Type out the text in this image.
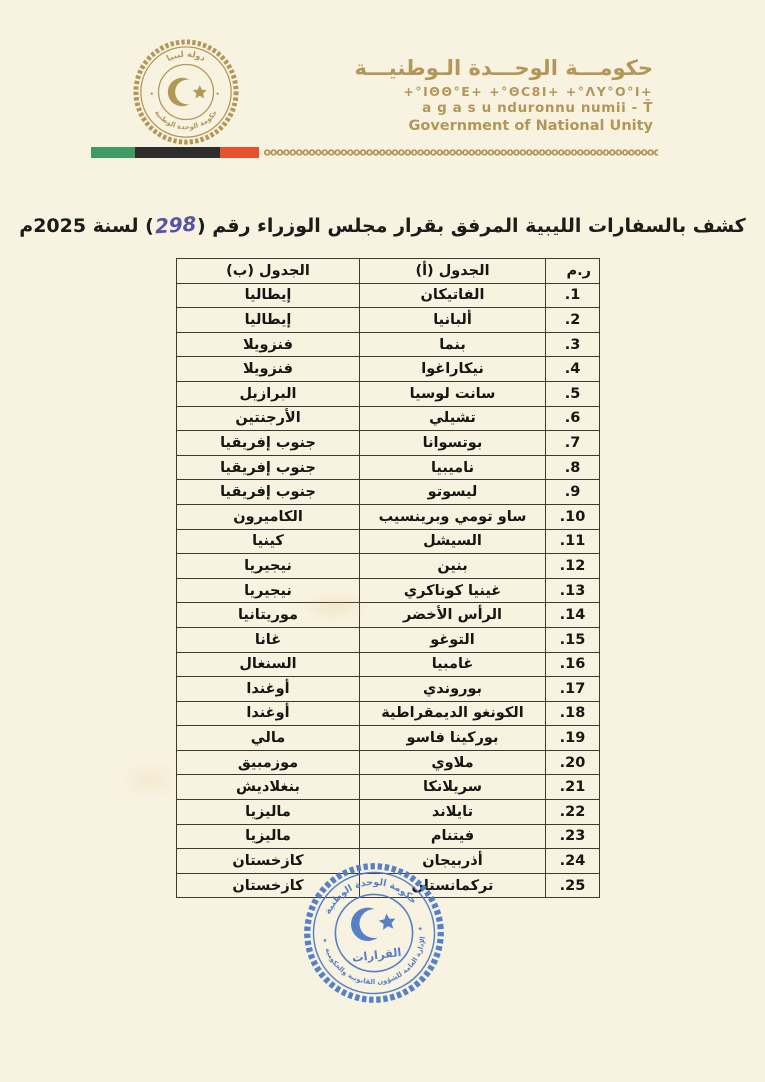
دولة ليبيا
حكومة الوحدة الوطنية
٭	٭
حكومـــة الوحـــدة الـوطنيـــة
+°IΘΘ°E+ +°ΘC8I+ +°ΛY°O°I+
a g a s u nduronnu numii - T̄
Government of National Unity
كشف بالسفارات الليبية المرفق بقرار مجلس الوزراء رقم (298) لسنة 2025م
ر.م	الجدول (أ)	الجدول (ب)
.1	الفاتيكان	إيطاليا
.2	ألبانيا	إيطاليا
.3	بنما	فنزويلا
.4	نيكاراغوا	فنزويلا
.5	سانت لوسيا	البرازيل
.6	تشيلي	الأرجنتين
.7	بوتسوانا	جنوب إفريقيا
.8	ناميبيا	جنوب إفريقيا
.9	ليسوتو	جنوب إفريقيا
.10	ساو تومي وبرينسيب	الكاميرون
.11	السيشل	كينيا
.12	بنين	نيجيريا
.13	غينيا كوناكري	نيجيريا
.14	الرأس الأخضر	موريتانيا
.15	التوغو	غانا
.16	غامبيا	السنغال
.17	بوروندي	أوغندا
.18	الكونغو الديمقراطية	أوغندا
.19	بوركينا فاسو	مالي
.20	ملاوي	موزمبيق
.21	سريلانكا	بنغلاديش
.22	تايلاند	ماليزيا
.23	فيتنام	ماليزيا
.24	أذربيجان	كازخستان
.25	تركمانستان	كازخستان
حكومة الوحدة الوطنية
الإدارة العامة للشؤون القانونية والحكومية
٭
٭
القرارات
